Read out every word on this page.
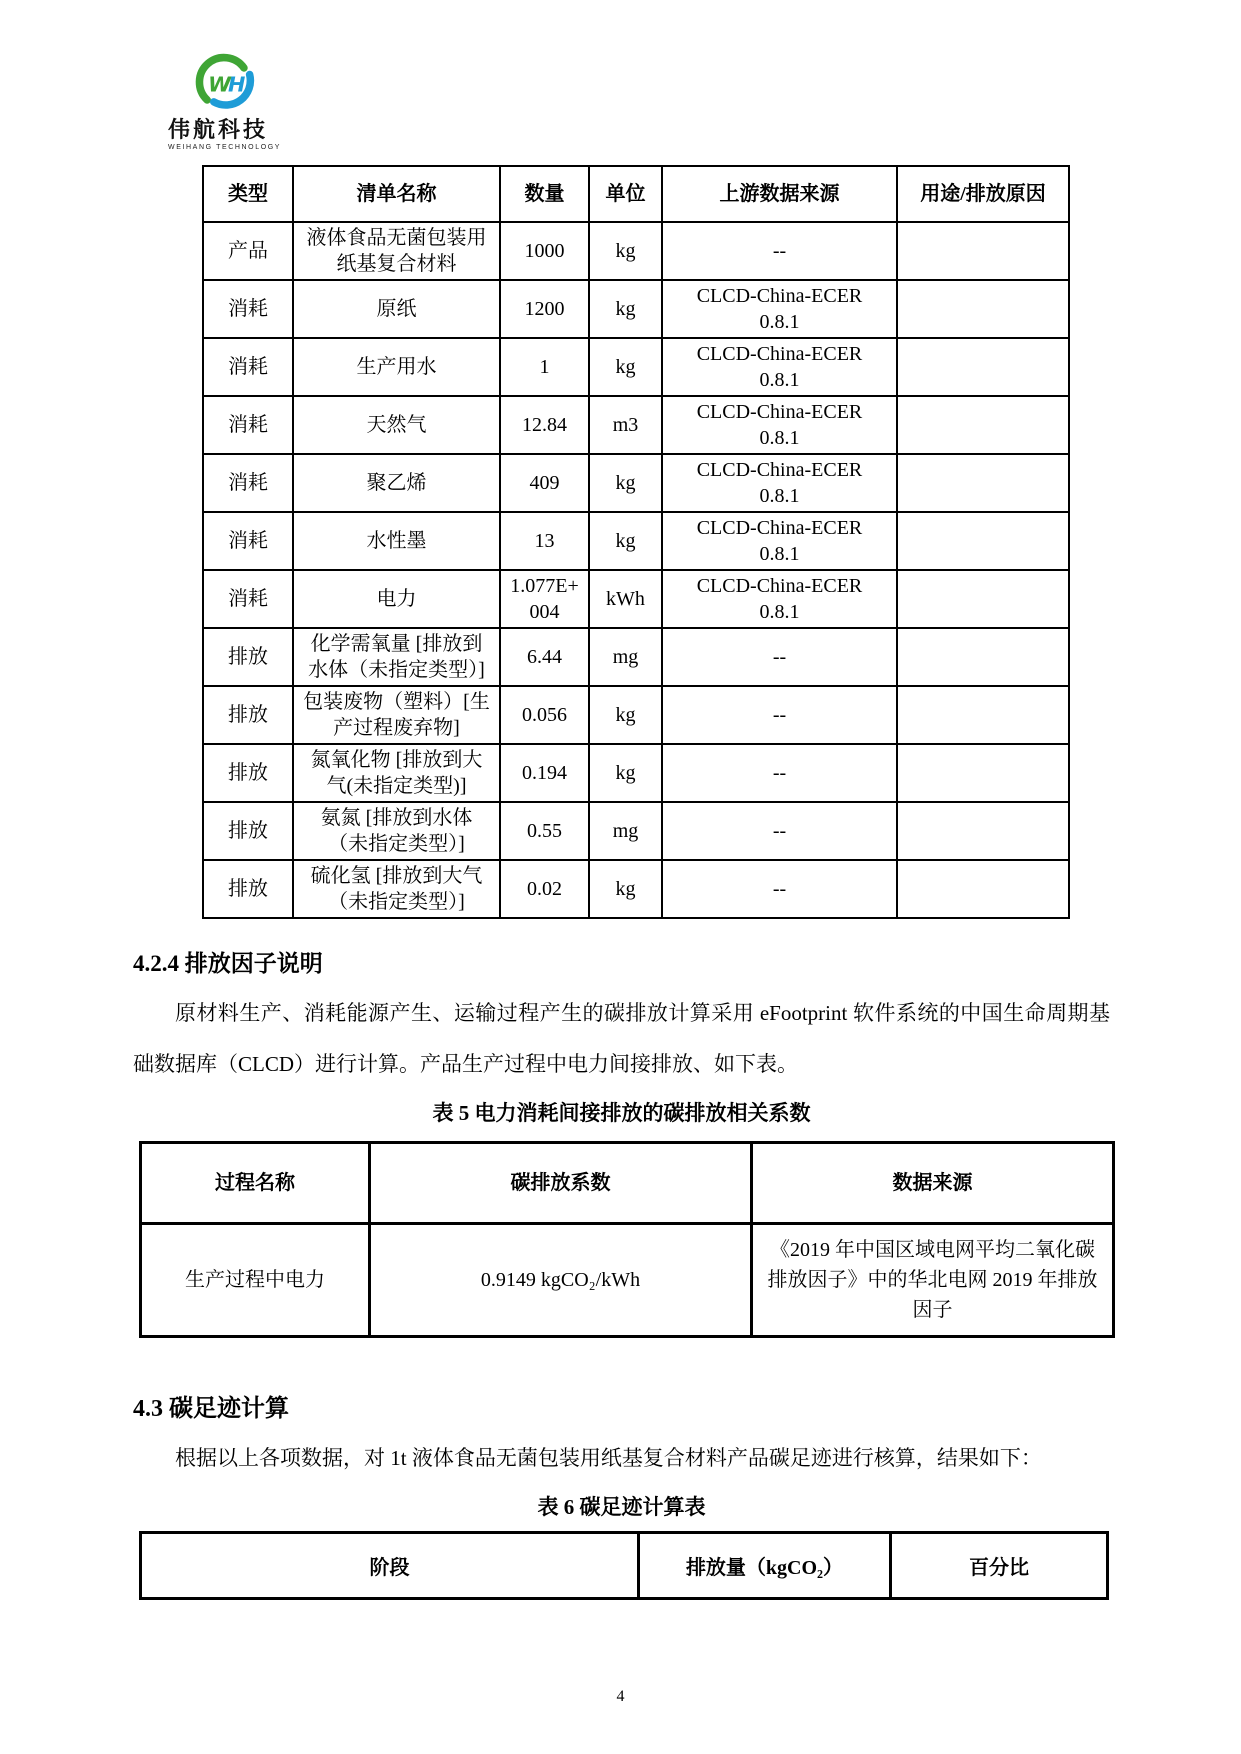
W
H
伟航科技
WEIHANG TECHNOLOGY
类型	清单名称	数量	单位	上游数据来源	用途/排放原因
产品	液体食品无菌包装用纸基复合材料	1000	kg	--	
消耗	原纸	1200	kg	CLCD-China-ECER 0.8.1	
消耗	生产用水	1	kg	CLCD-China-ECER 0.8.1	
消耗	天然气	12.84	m3	CLCD-China-ECER 0.8.1	
消耗	聚乙烯	409	kg	CLCD-China-ECER 0.8.1	
消耗	水性墨	13	kg	CLCD-China-ECER 0.8.1	
消耗	电力	1.077E+004	kWh	CLCD-China-ECER 0.8.1	
排放	化学需氧量 [排放到水体（未指定类型）]	6.44	mg	--	
排放	包装废物（塑料）[生产过程废弃物]	0.056	kg	--	
排放	氮氧化物 [排放到大气(未指定类型)]	0.194	kg	--	
排放	氨氮 [排放到水体（未指定类型）]	0.55	mg	--	
排放	硫化氢 [排放到大气（未指定类型）]	0.02	kg	--	
4.2.4 排放因子说明

原材料生产、消耗能源产生、运输过程产生的碳排放计算采用 eFootprint 软件系统的中国生命周期基础数据库（CLCD）进行计算。产品生产过程中电力间接排放、如下表。

表 5 电力消耗间接排放的碳排放相关系数

过程名称	碳排放系数	数据来源
生产过程中电力	0.9149 kgCO₂/kWh	《2019 年中国区域电网平均二氧化碳排放因子》中的华北电网 2019 年排放因子
4.3 碳足迹计算

根据以上各项数据，对 1t 液体食品无菌包装用纸基复合材料产品碳足迹进行核算，结果如下：

表 6 碳足迹计算表

阶段	排放量（kgCO₂）	百分比
4
